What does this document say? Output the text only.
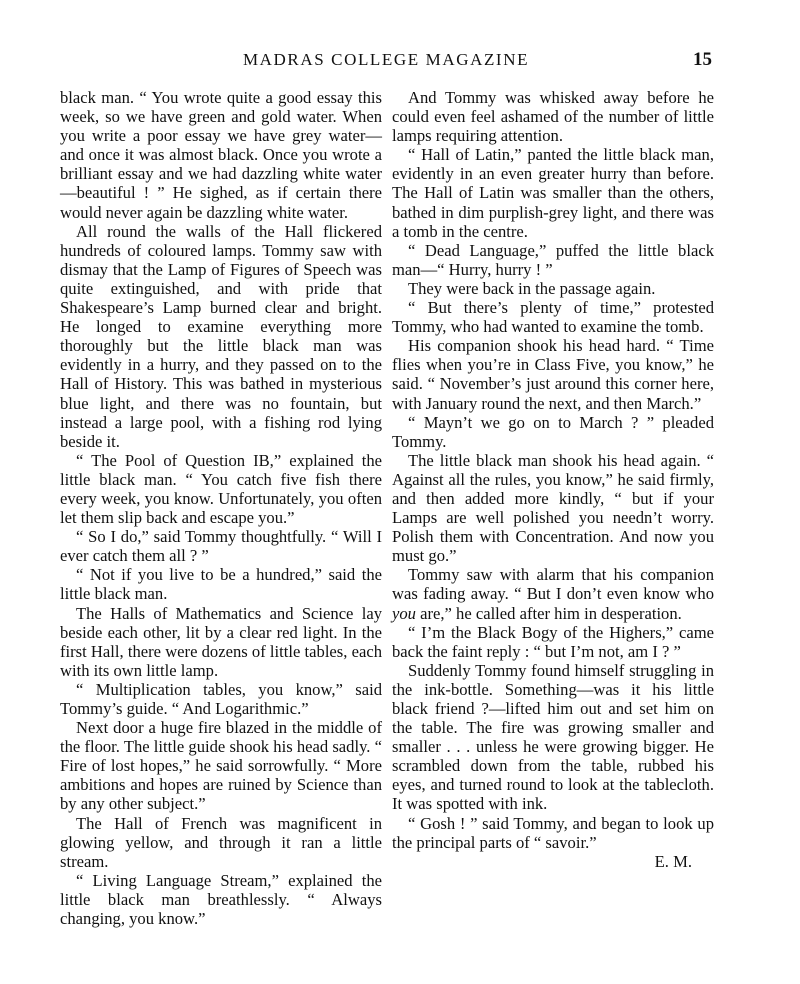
MADRAS COLLEGE MAGAZINE	15

black man. “ You wrote quite a good essay this week, so we have green and gold water. When you write a poor essay we have grey water—and once it was almost black. Once you wrote a brilliant essay and we had dazzling white water—beautiful ! ” He sighed, as if certain there would never again be dazzling white water.

All round the walls of the Hall flickered hundreds of coloured lamps. Tommy saw with dismay that the Lamp of Figures of Speech was quite extinguished, and with pride that Shakespeare’s Lamp burned clear and bright. He longed to examine everything more thoroughly but the little black man was evidently in a hurry, and they passed on to the Hall of History. This was bathed in mysterious blue light, and there was no fountain, but instead a large pool, with a fishing rod lying beside it.

“ The Pool of Question IB,” explained the little black man. “ You catch five fish there every week, you know. Unfortunately, you often let them slip back and escape you.”

“ So I do,” said Tommy thoughtfully. “ Will I ever catch them all ? ”

“ Not if you live to be a hundred,” said the little black man.

The Halls of Mathematics and Science lay beside each other, lit by a clear red light. In the first Hall, there were dozens of little tables, each with its own little lamp.

“ Multiplication tables, you know,” said Tommy’s guide. “ And Logarithmic.”

Next door a huge fire blazed in the middle of the floor. The little guide shook his head sadly. “ Fire of lost hopes,” he said sorrowfully. “ More ambitions and hopes are ruined by Science than by any other subject.”

The Hall of French was magnificent in glowing yellow, and through it ran a little stream.

“ Living Language Stream,” explained the little black man breathlessly. “ Always changing, you know.”

And Tommy was whisked away before he could even feel ashamed of the number of little lamps requiring attention.

“ Hall of Latin,” panted the little black man, evidently in an even greater hurry than before. The Hall of Latin was smaller than the others, bathed in dim purplish-grey light, and there was a tomb in the centre.

“ Dead Language,” puffed the little black man—“ Hurry, hurry ! ”

They were back in the passage again.

“ But there’s plenty of time,” protested Tommy, who had wanted to examine the tomb.

His companion shook his head hard. “ Time flies when you’re in Class Five, you know,” he said. “ November’s just around this corner here, with January round the next, and then March.”

“ Mayn’t we go on to March ? ” pleaded Tommy.

The little black man shook his head again. “ Against all the rules, you know,” he said firmly, and then added more kindly, “ but if your Lamps are well polished you needn’t worry. Polish them with Concentration. And now you must go.”

Tommy saw with alarm that his companion was fading away. “ But I don’t even know who you are,” he called after him in desperation.

“ I’m the Black Bogy of the Highers,” came back the faint reply : “ but I’m not, am I ? ”

Suddenly Tommy found himself struggling in the ink-bottle. Something—was it his little black friend ?—lifted him out and set him on the table. The fire was growing smaller and smaller . . . unless he were growing bigger. He scrambled down from the table, rubbed his eyes, and turned round to look at the tablecloth. It was spotted with ink.

“ Gosh ! ” said Tommy, and began to look up the principal parts of “ savoir.”

E. M.
